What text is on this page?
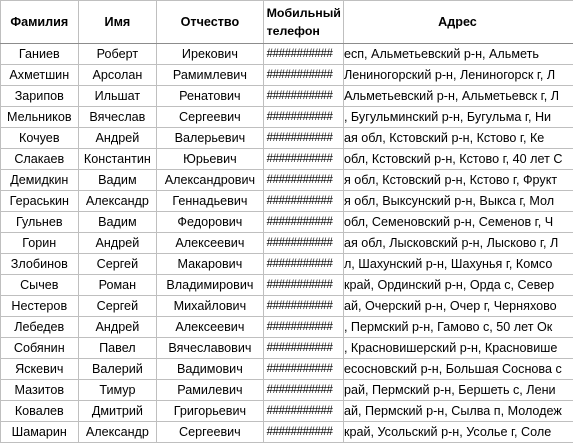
Фамилия	Имя	Отчество	Мобильный телефон	Адрес
Ганиев	Роберт	Ирекович	###########	есп, Альметьевский р-н, Альметь
Ахметшин	Арсолан	Рамимлевич	###########	Лениногорский р-н, Лениногорск г, Л
Зарипов	Ильшат	Ренатович	###########	Альметьевский р-н, Альметьевск г, Л
Мельников	Вячеслав	Сергеевич	###########	, Бугульминский р-н, Бугульма г, Ни
Кочуев	Андрей	Валерьевич	###########	ая обл, Кстовский р-н, Кстово г, Ке
Слакаев	Константин	Юрьевич	###########	обл, Кстовский р-н, Кстово г, 40 лет С
Демидкин	Вадим	Александрович	###########	я обл, Кстовский р-н, Кстово г, Фрукт
Гераськин	Александр	Геннадьевич	###########	я обл, Выксунский р-н, Выкса г, Мол
Гульнев	Вадим	Федорович	###########	обл, Семеновский р-н, Семенов г, Ч
Горин	Андрей	Алексеевич	###########	ая обл, Лысковский р-н, Лысково г, Л
Злобинов	Сергей	Макарович	###########	л, Шахунский р-н, Шахунья г, Комсо
Сычев	Роман	Владимирович	###########	край, Ординский р-н, Орда с, Север
Нестеров	Сергей	Михайлович	###########	ай, Очерский р-н, Очер г, Черняхово
Лебедев	Андрей	Алексеевич	###########	, Пермский р-н, Гамово с, 50 лет Ок
Собянин	Павел	Вячеславович	###########	, Красновишерский р-н, Красновише
Яскевич	Валерий	Вадимович	###########	есосновский р-н, Большая Соснова с
Мазитов	Тимур	Рамилевич	###########	рай, Пермский р-н, Бершеть с, Лени
Ковалев	Дмитрий	Григорьевич	###########	ай, Пермский р-н, Сылва п, Молодеж
Шамарин	Александр	Сергеевич	###########	край, Усольский р-н, Усолье г, Соле
